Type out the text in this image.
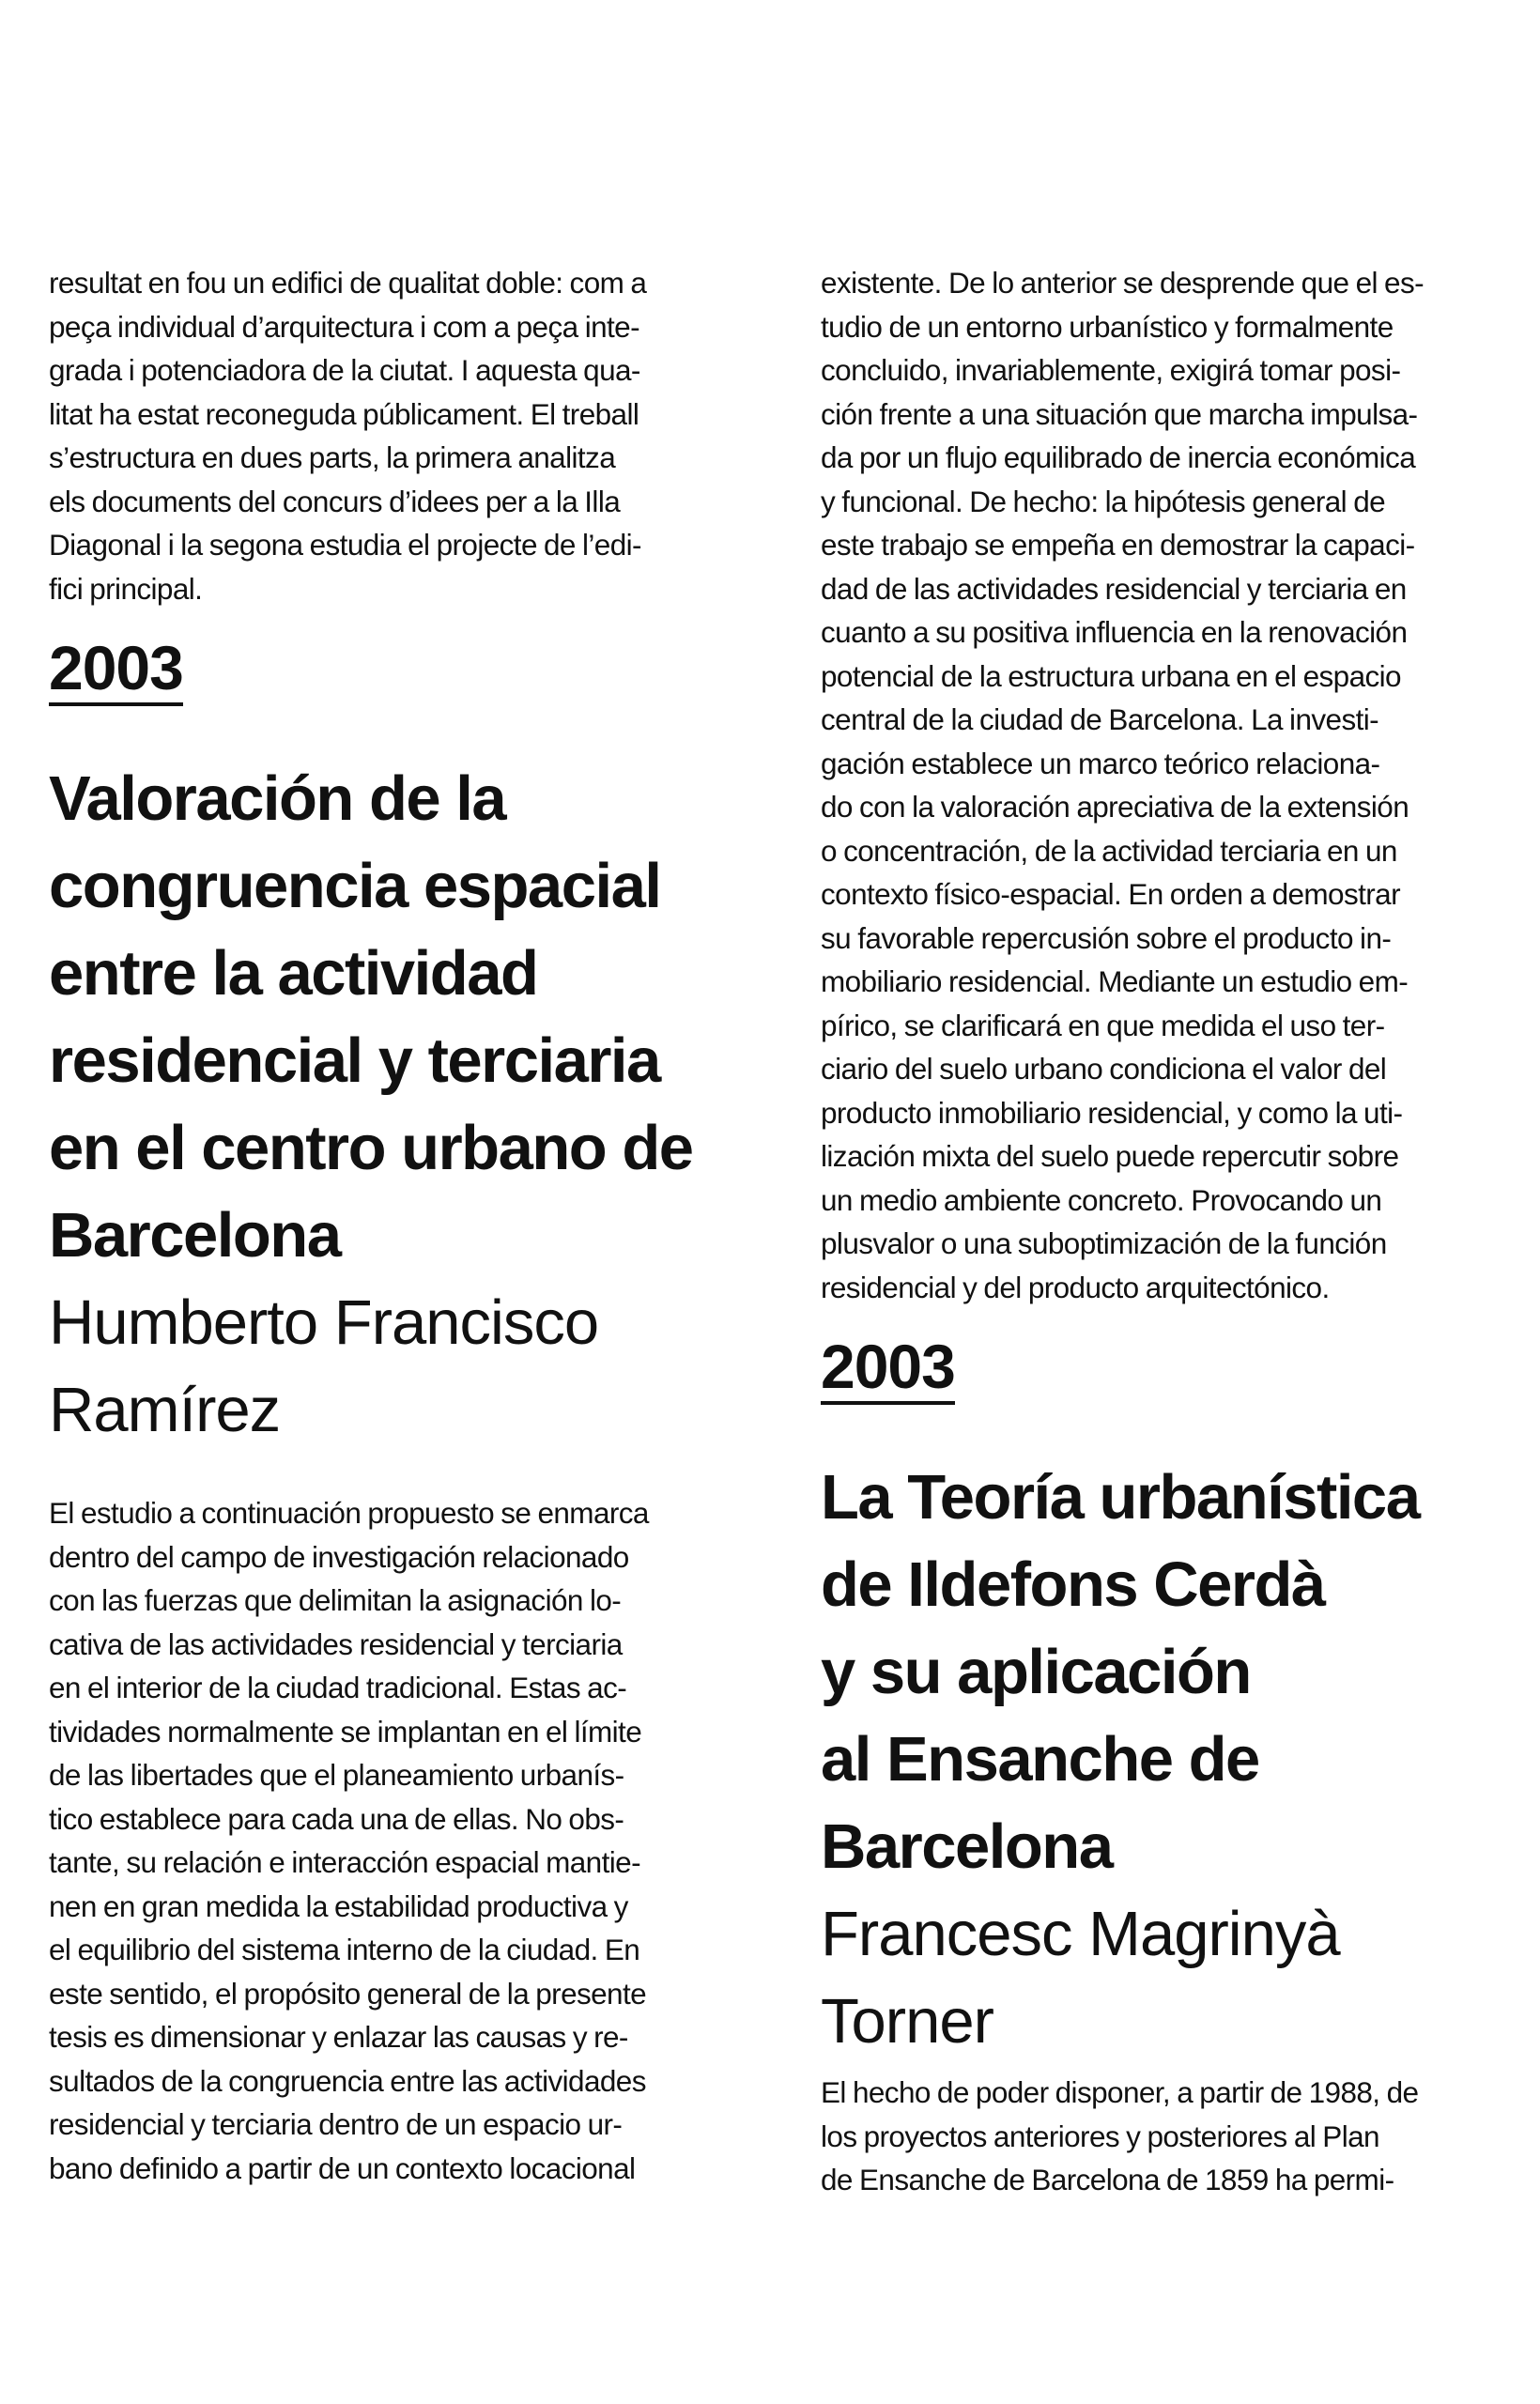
resultat en fou un edifici de qualitat doble: com a
peça individual d’arquitectura i com a peça inte-
grada i potenciadora de la ciutat. I aquesta qua-
litat ha estat reconeguda públicament. El treball
s’estructura en dues parts, la primera analitza
els documents del concurs d’idees per a la Illa
Diagonal i la segona estudia el projecte de l’edi-
fici principal.

2003

Valoración de la
congruencia espacial
entre la actividad
residencial y terciaria
en el centro urbano de
Barcelona

Humberto Francisco
Ramírez

El estudio a continuación propuesto se enmarca
dentro del campo de investigación relacionado
con las fuerzas que delimitan la asignación lo-
cativa de las actividades residencial y terciaria
en el interior de la ciudad tradicional. Estas ac-
tividades normalmente se implantan en el límite
de las libertades que el planeamiento urbanís-
tico establece para cada una de ellas. No obs-
tante, su relación e interacción espacial mantie-
nen en gran medida la estabilidad productiva y
el equilibrio del sistema interno de la ciudad. En
este sentido, el propósito general de la presente
tesis es dimensionar y enlazar las causas y re-
sultados de la congruencia entre las actividades
residencial y terciaria dentro de un espacio ur-
bano definido a partir de un contexto locacional

existente. De lo anterior se desprende que el es-
tudio de un entorno urbanístico y formalmente
concluido, invariablemente, exigirá tomar posi-
ción frente a una situación que marcha impulsa-
da por un flujo equilibrado de inercia económica
y funcional. De hecho: la hipótesis general de
este trabajo se empeña en demostrar la capaci-
dad de las actividades residencial y terciaria en
cuanto a su positiva influencia en la renovación
potencial de la estructura urbana en el espacio
central de la ciudad de Barcelona. La investi-
gación establece un marco teórico relaciona-
do con la valoración apreciativa de la extensión
o concentración, de la actividad terciaria en un
contexto físico-espacial. En orden a demostrar
su favorable repercusión sobre el producto in-
mobiliario residencial. Mediante un estudio em-
pírico, se clarificará en que medida el uso ter-
ciario del suelo urbano condiciona el valor del
producto inmobiliario residencial, y como la uti-
lización mixta del suelo puede repercutir sobre
un medio ambiente concreto. Provocando un
plusvalor o una suboptimización de la función
residencial y del producto arquitectónico.

2003

La Teoría urbanística
de Ildefons Cerdà
y su aplicación
al Ensanche de
Barcelona

Francesc Magrinyà
Torner

El hecho de poder disponer, a partir de 1988, de
los proyectos anteriores y posteriores al Plan
de Ensanche de Barcelona de 1859 ha permi-
